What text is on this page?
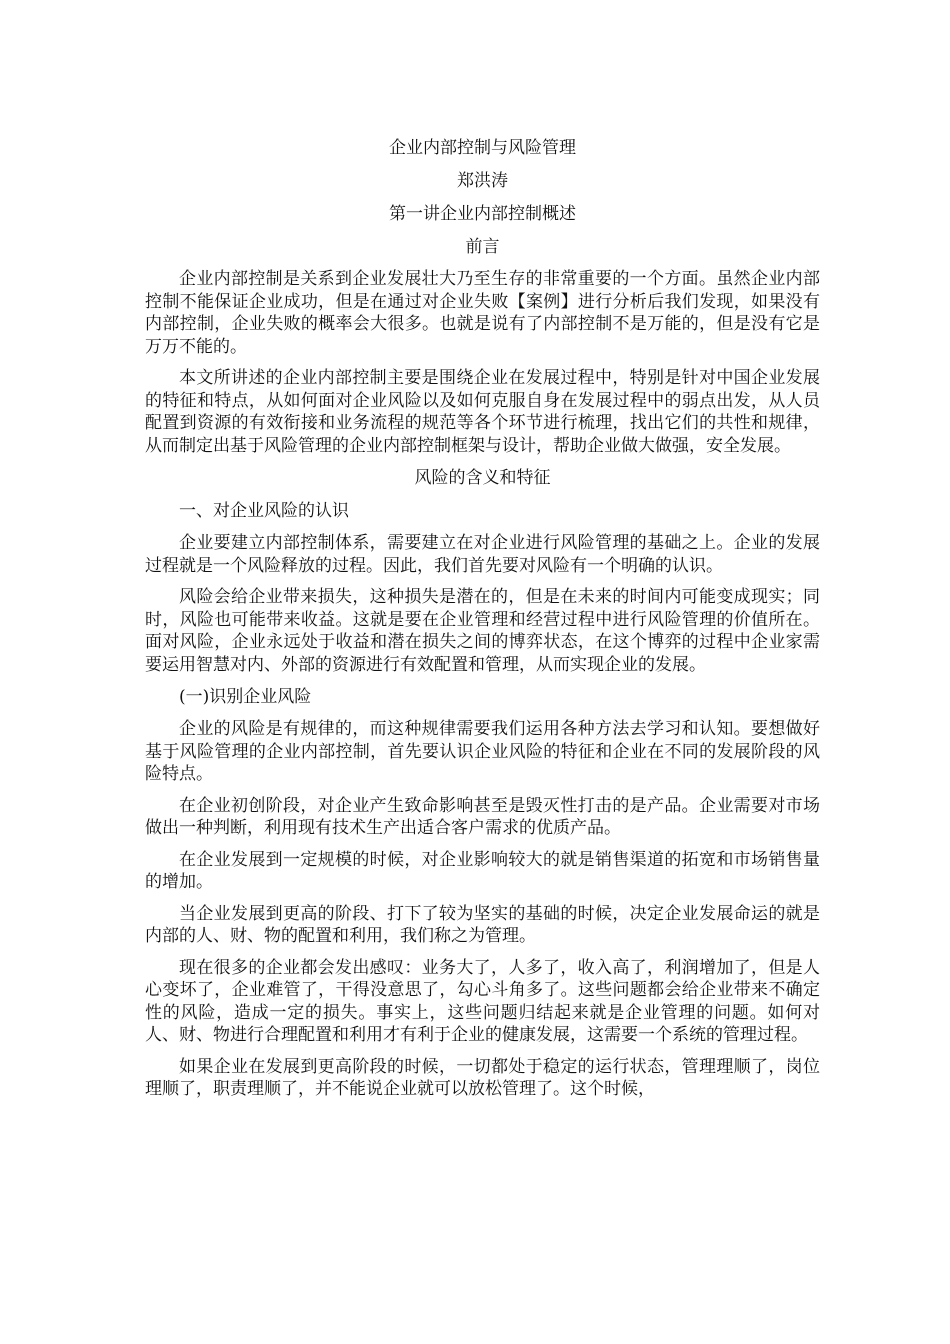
企业内部控制与风险管理
郑洪涛
第一讲企业内部控制概述
前言

企业内部控制是关系到企业发展壮大乃至生存的非常重要的一个方面。虽然企业内部控制不能保证企业成功，但是在通过对企业失败【案例】进行分析后我们发现，如果没有内部控制，企业失败的概率会大很多。也就是说有了内部控制不是万能的，但是没有它是万万不能的。

本文所讲述的企业内部控制主要是围绕企业在发展过程中，特别是针对中国企业发展的特征和特点，从如何面对企业风险以及如何克服自身在发展过程中的弱点出发，从人员配置到资源的有效衔接和业务流程的规范等各个环节进行梳理，找出它们的共性和规律，从而制定出基于风险管理的企业内部控制框架与设计，帮助企业做大做强，安全发展。

风险的含义和特征
一、对企业风险的认识

企业要建立内部控制体系，需要建立在对企业进行风险管理的基础之上。企业的发展过程就是一个风险释放的过程。因此，我们首先要对风险有一个明确的认识。

风险会给企业带来损失，这种损失是潜在的，但是在未来的时间内可能变成现实；同时，风险也可能带来收益。这就是要在企业管理和经营过程中进行风险管理的价值所在。面对风险，企业永远处于收益和潜在损失之间的博弈状态，在这个博弈的过程中企业家需要运用智慧对内、外部的资源进行有效配置和管理，从而实现企业的发展。

(一)识别企业风险

企业的风险是有规律的，而这种规律需要我们运用各种方法去学习和认知。要想做好基于风险管理的企业内部控制，首先要认识企业风险的特征和企业在不同的发展阶段的风险特点。

在企业初创阶段，对企业产生致命影响甚至是毁灭性打击的是产品。企业需要对市场做出一种判断，利用现有技术生产出适合客户需求的优质产品。

在企业发展到一定规模的时候，对企业影响较大的就是销售渠道的拓宽和市场销售量的增加。

当企业发展到更高的阶段、打下了较为坚实的基础的时候，决定企业发展命运的就是内部的人、财、物的配置和利用，我们称之为管理。

现在很多的企业都会发出感叹：业务大了，人多了，收入高了，利润增加了，但是人心变坏了，企业难管了，干得没意思了，勾心斗角多了。这些问题都会给企业带来不确定性的风险，造成一定的损失。事实上，这些问题归结起来就是企业管理的问题。如何对人、财、物进行合理配置和利用才有利于企业的健康发展，这需要一个系统的管理过程。

如果企业在发展到更高阶段的时候，一切都处于稳定的运行状态，管理理顺了，岗位理顺了，职责理顺了，并不能说企业就可以放松管理了。这个时候，
